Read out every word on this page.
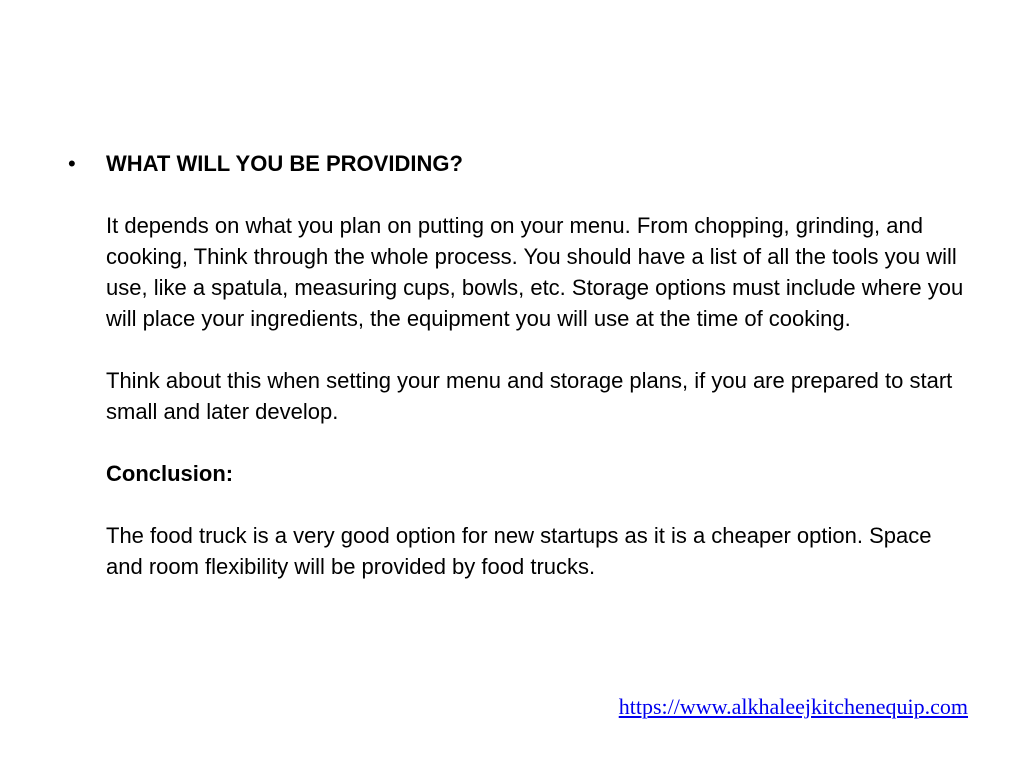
• WHAT WILL YOU BE PROVIDING?

It depends on what you plan on putting on your menu. From chopping, grinding, and cooking, Think through the whole process. You should have a list of all the tools you will use, like a spatula, measuring cups, bowls, etc. Storage options must include where you will place your ingredients, the equipment you will use at the time of cooking.

Think about this when setting your menu and storage plans, if you are prepared to start small and later develop.

Conclusion:

The food truck is a very good option for new startups as it is a cheaper option. Space and room flexibility will be provided by food trucks.

https://www.alkhaleejkitchenequip.com
